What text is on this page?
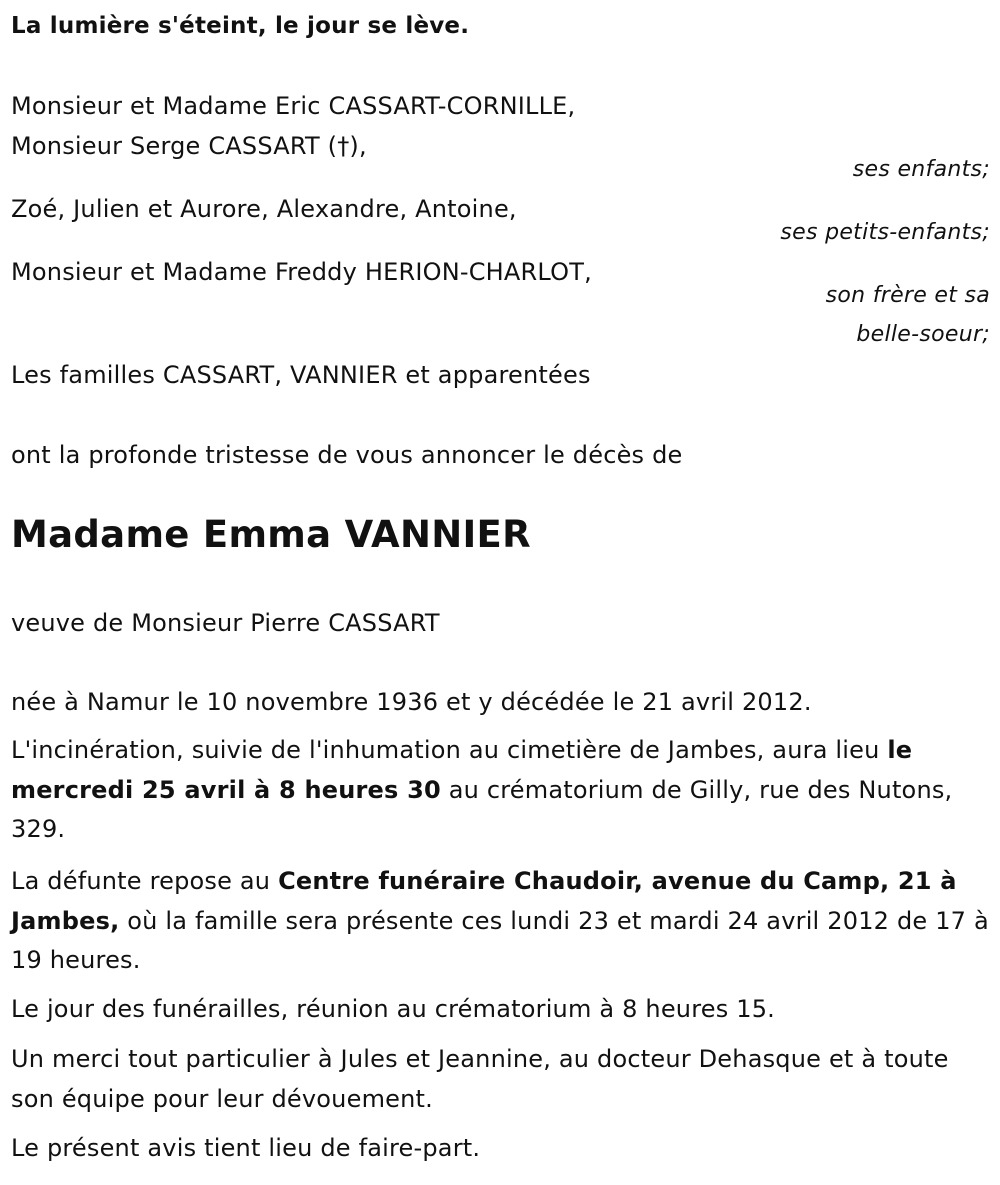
La lumière s'éteint, le jour se lève.
Monsieur et Madame Eric CASSART-CORNILLE,
Monsieur Serge CASSART (†),
ses enfants;
Zoé, Julien et Aurore, Alexandre, Antoine,
ses petits-enfants;
Monsieur et Madame Freddy HERION-CHARLOT,
son frère et sa
belle-soeur;
Les familles CASSART, VANNIER et apparentées
ont la profonde tristesse de vous annoncer le décès de
Madame Emma VANNIER
veuve de Monsieur Pierre CASSART
née à Namur le 10 novembre 1936 et y décédée le 21 avril 2012.
L'incinération, suivie de l'inhumation au cimetière de Jambes, aura lieu le mercredi 25 avril à 8 heures 30 au crématorium de Gilly, rue des Nutons, 329.
La défunte repose au Centre funéraire Chaudoir, avenue du Camp, 21 à Jambes, où la famille sera présente ces lundi 23 et mardi 24 avril 2012 de 17 à 19 heures.
Le jour des funérailles, réunion au crématorium à 8 heures 15.
Un merci tout particulier à Jules et Jeannine, au docteur Dehasque et à toute son équipe pour leur dévouement.
Le présent avis tient lieu de faire-part.
